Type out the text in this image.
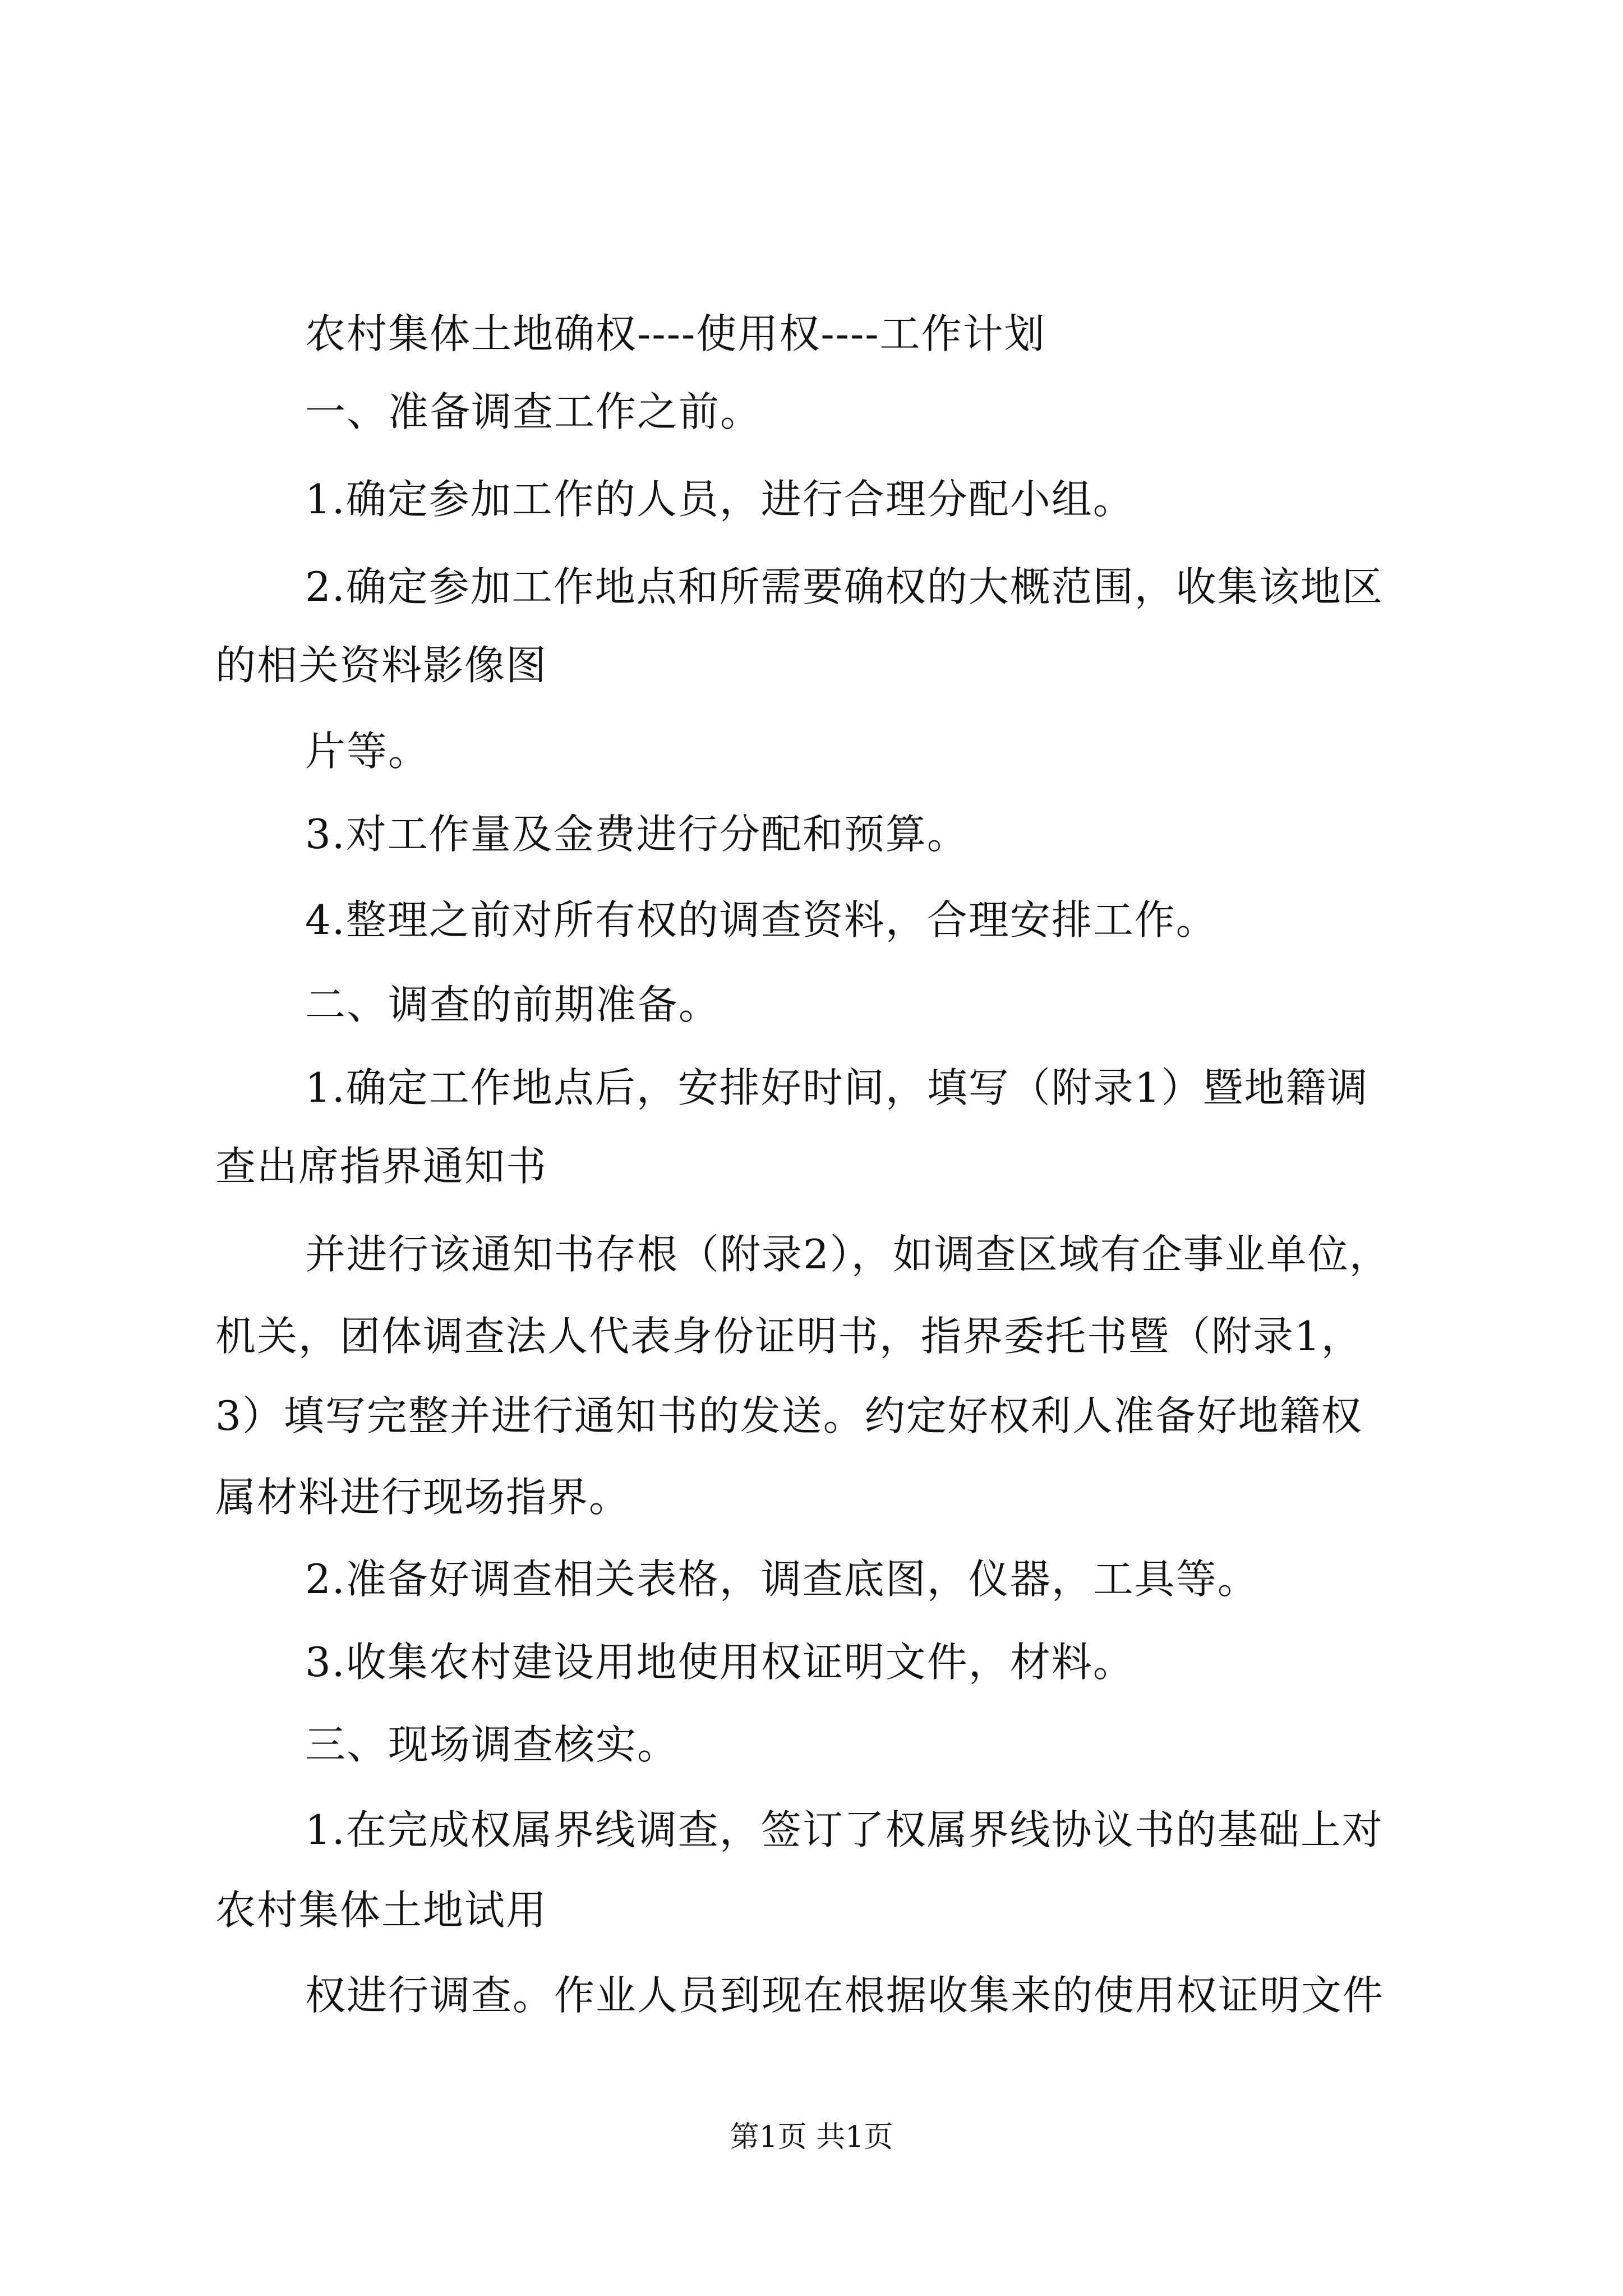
农村集体土地确权----使用权----工作计划
一、准备调查工作之前。
1.确定参加工作的人员，进行合理分配小组。
2.确定参加工作地点和所需要确权的大概范围，收集该地区
的相关资料影像图
片等。
3.对工作量及金费进行分配和预算。
4.整理之前对所有权的调查资料，合理安排工作。
二、调查的前期准备。
1.确定工作地点后，安排好时间，填写（附录1）暨地籍调
查出席指界通知书
并进行该通知书存根（附录2），如调查区域有企事业单位，
机关，团体调查法人代表身份证明书，指界委托书暨（附录1，
3）填写完整并进行通知书的发送。约定好权利人准备好地籍权
属材料进行现场指界。
2.准备好调查相关表格，调查底图，仪器，工具等。
3.收集农村建设用地使用权证明文件，材料。
三、现场调查核实。
1.在完成权属界线调查，签订了权属界线协议书的基础上对
农村集体土地试用
权进行调查。作业人员到现在根据收集来的使用权证明文件
第1页 共1页
